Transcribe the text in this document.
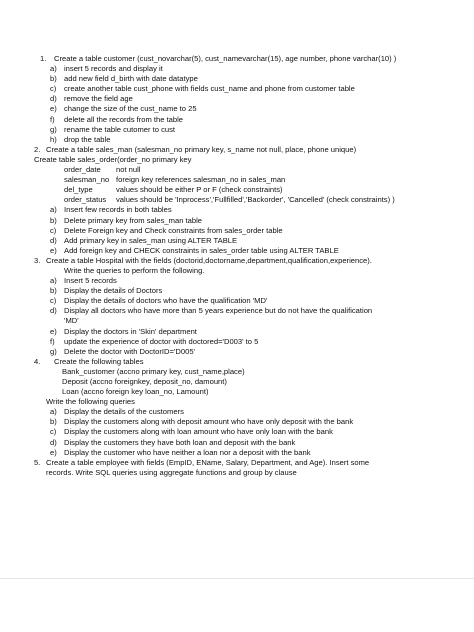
1. Create a table customer (cust_novarchar(5), cust_namevarchar(15), age number, phone varchar(10) )
a) insert 5 records and display it
b) add new field d_birth with date datatype
c) create another table cust_phone with fields cust_name and phone from customer table
d) remove the field age
e) change the size of the cust_name to 25
f) delete all the records from the table
g) rename the table cutomer to cust
h) drop the table
2. Create a table sales_man (salesman_no primary key, s_name not null, place, phone unique)
Create table sales_order(order_no primary key
order_date not null
salesman_no foreign key references salesman_no in sales_man
del_type	values should be either P or F (check constraints)
order_status values should be 'Inprocess','Fullfilled','Backorder', 'Cancelled' (check constraints) )
a) Insert few records in both tables
b) Delete primary key from sales_man table
c) Delete Foreign key and Check constraints from sales_order table
d) Add primary key in sales_man using ALTER TABLE
e) Add foreign key and CHECK constraints in sales_order table using ALTER TABLE
3. Create a table Hospital with the fields (doctorid,doctorname,department,qualification,experience).
Write the queries to perform the following.
a) Insert 5 records
b) Display the details of Doctors
c) Display the details of doctors who have the qualification 'MD'
d) Display all doctors who have more than 5 years experience but do not have the qualification
'MD'
e) Display the doctors in 'Skin' department
f) update the experience of doctor with doctored='D003' to 5
g) Delete the doctor with DoctorID='D005'
4. Create the following tables
Bank_customer (accno primary key, cust_name,place)
Deposit (accno foreignkey, deposit_no, damount)
Loan (accno foreign key loan_no, Lamount)
Write the following queries
a) Display the details of the customers
b) Display the customers along with deposit amount who have only deposit with the bank
c) Display the customers along with loan amount who have only loan with the bank
d) Display the customers they have both loan and deposit with the bank
e) Display the customer who have neither a loan nor a deposit with the bank
5. Create a table employee with fields (EmpID, EName, Salary, Department, and Age). Insert some
records. Write SQL queries using aggregate functions and group by clause
